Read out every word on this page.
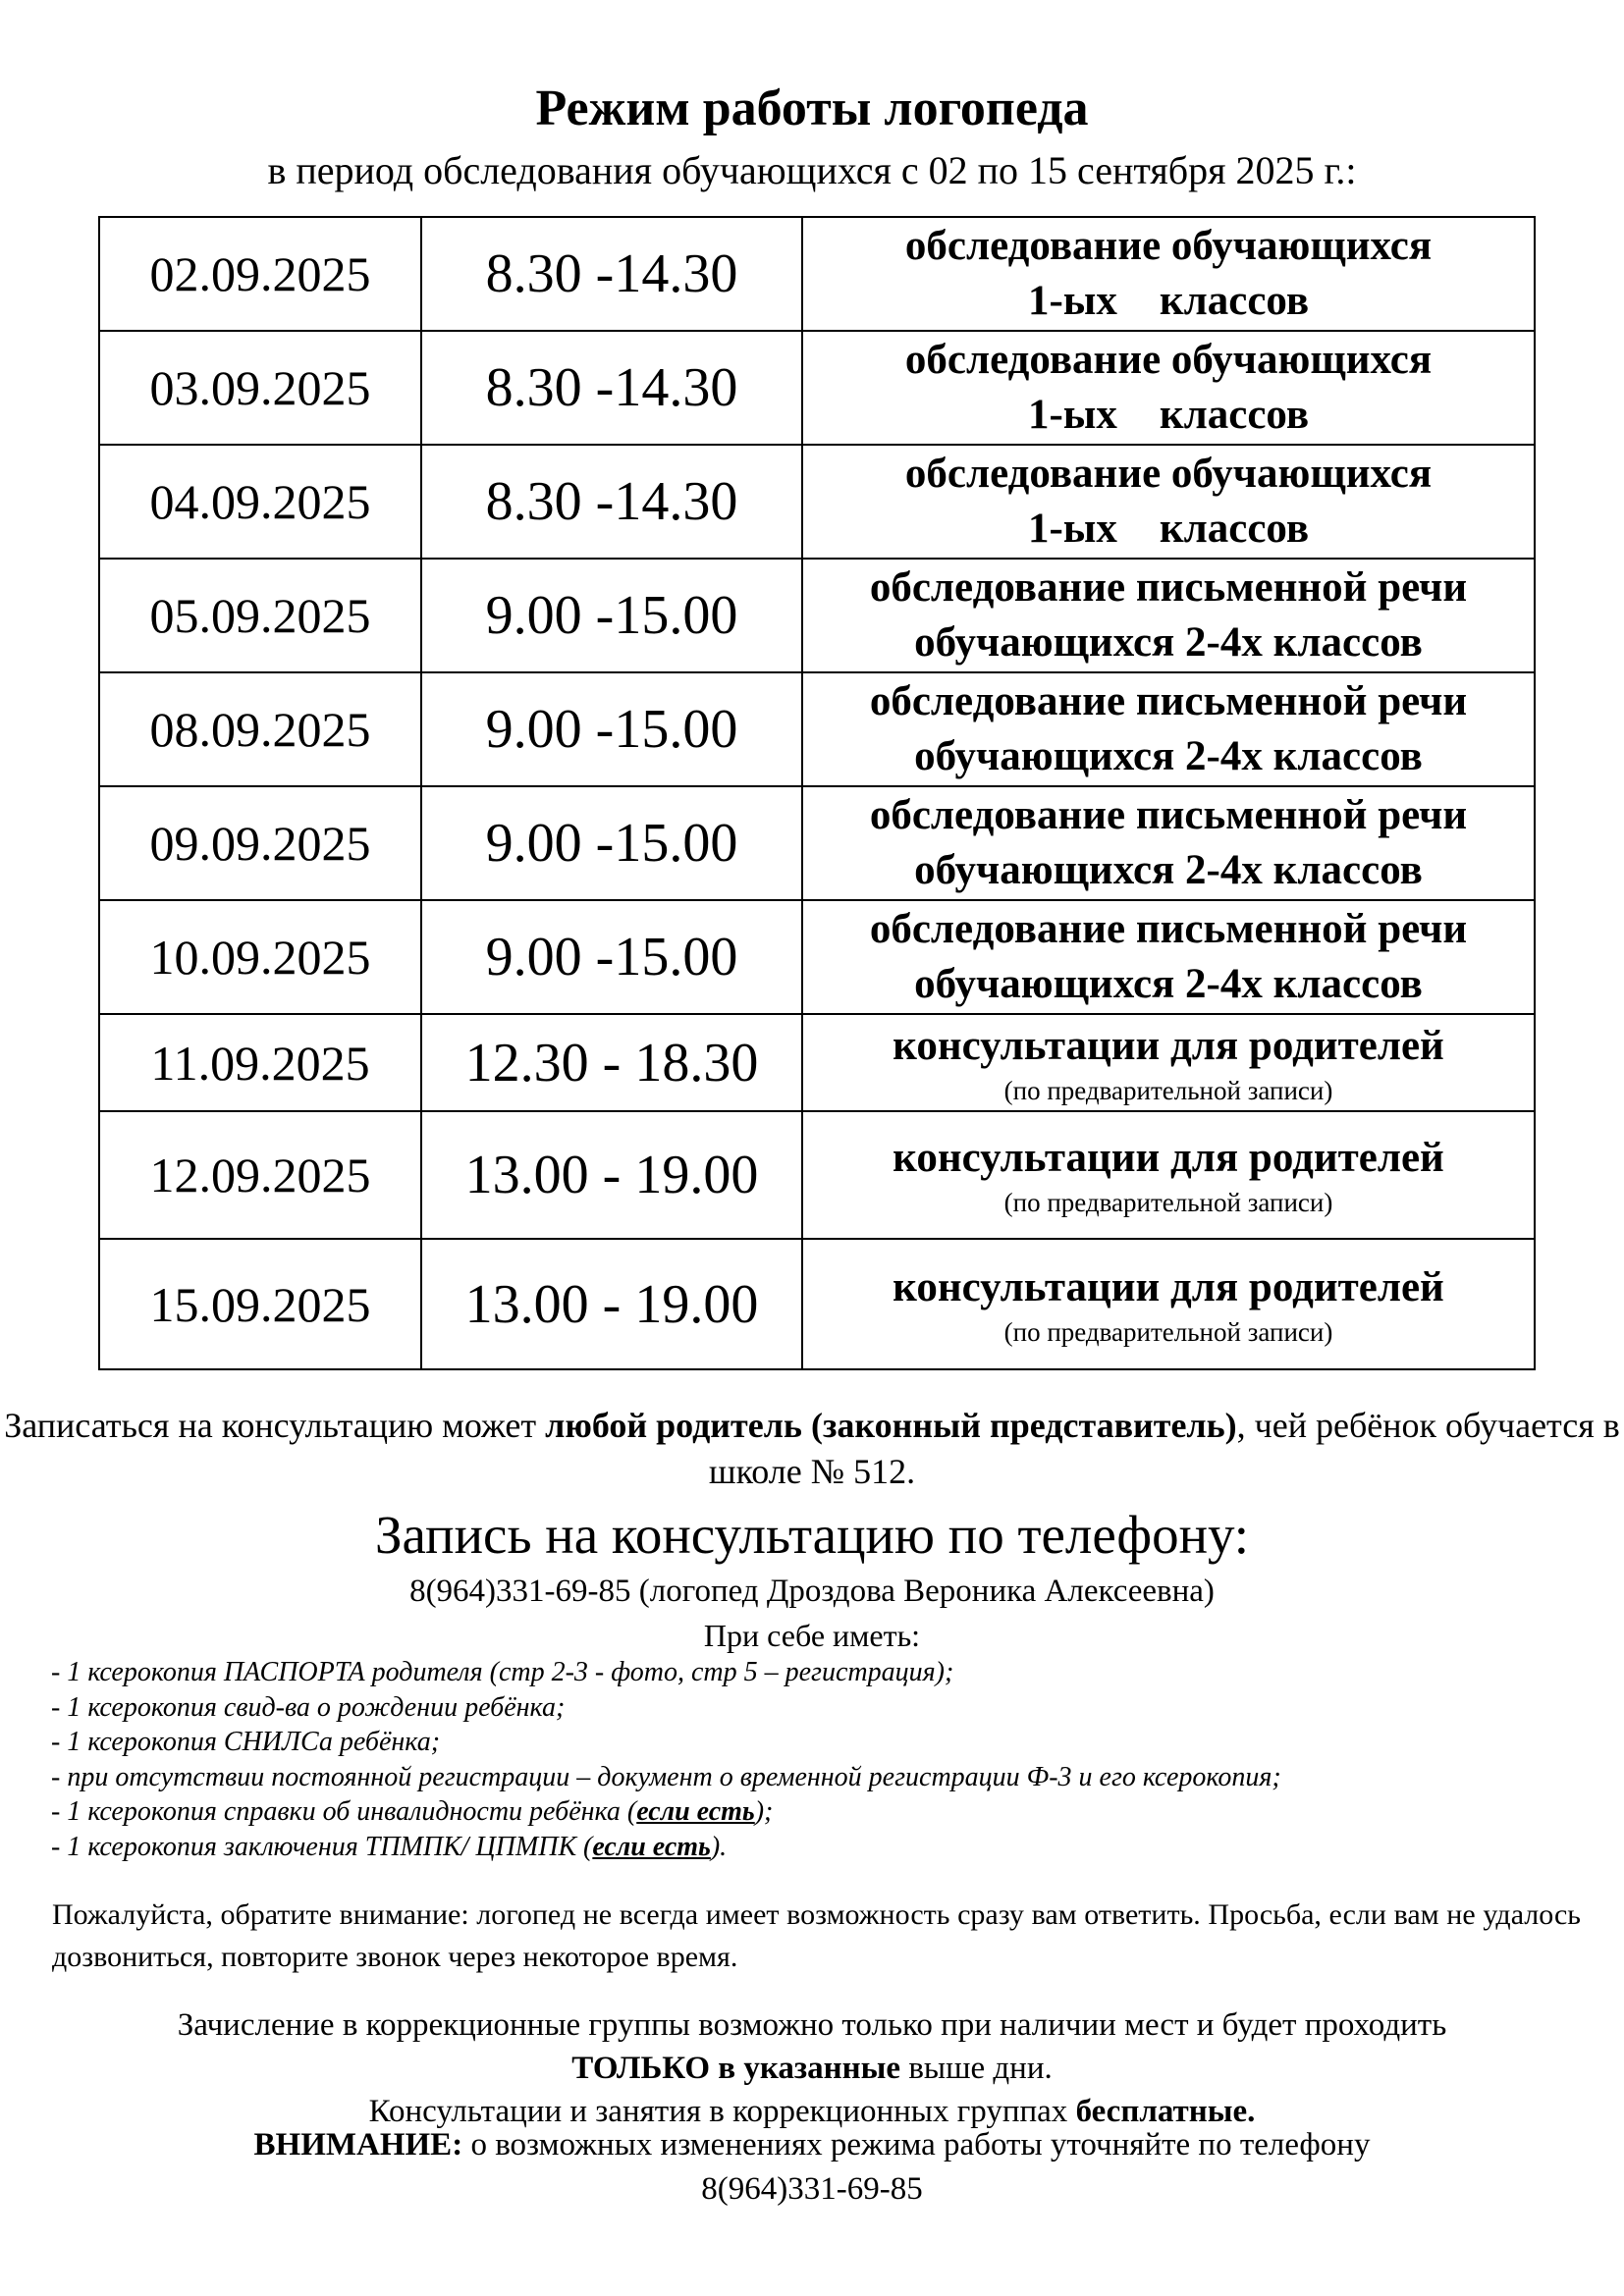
Режим работы логопеда
в период обследования обучающихся с 02 по 15 сентября 2025 г.:
02.09.2025	8.30 -14.30	обследование обучающихся
1-ых    классов

03.09.2025	8.30 -14.30	обследование обучающихся
1-ых    классов

04.09.2025	8.30 -14.30	обследование обучающихся
1-ых    классов

05.09.2025	9.00 -15.00	обследование письменной речи
обучающихся 2-4х классов

08.09.2025	9.00 -15.00	обследование письменной речи
обучающихся 2-4х классов

09.09.2025	9.00 -15.00	обследование письменной речи
обучающихся 2-4х классов

10.09.2025	9.00 -15.00	обследование письменной речи
обучающихся 2-4х классов

11.09.2025	12.30 - 18.30	консультации для родителей
(по предварительной записи)

12.09.2025	13.00 - 19.00	консультации для родителей
(по предварительной записи)

15.09.2025	13.00 - 19.00	консультации для родителей
(по предварительной записи)
Записаться на консультацию может любой родитель (законный представитель), чей ребёнок обучается в школе № 512.
Запись на консультацию по телефону:
8(964)331-69-85 (логопед Дроздова Вероника Алексеевна)
При себе иметь:
- 1 ксерокопия ПАСПОРТА родителя (стр 2-3 - фото, стр 5 – регистрация);
- 1 ксерокопия свид-ва о рождении ребёнка;
- 1 ксерокопия СНИЛСа ребёнка;
- при отсутствии постоянной регистрации – документ о временной регистрации Ф-3 и его ксерокопия;
- 1 ксерокопия справки об инвалидности ребёнка (если есть);
- 1 ксерокопия заключения ТПМПК/ ЦПМПК (если есть).
Пожалуйста, обратите внимание: логопед не всегда имеет возможность сразу вам ответить. Просьба, если вам не удалось дозвониться, повторите звонок через некоторое время.
Зачисление в коррекционные группы возможно только при наличии мест и будет проходить
ТОЛЬКО в указанные выше дни.
Консультации и занятия в коррекционных группах бесплатные.
ВНИМАНИЕ: о возможных изменениях режима работы уточняйте по телефону
8(964)331-69-85
